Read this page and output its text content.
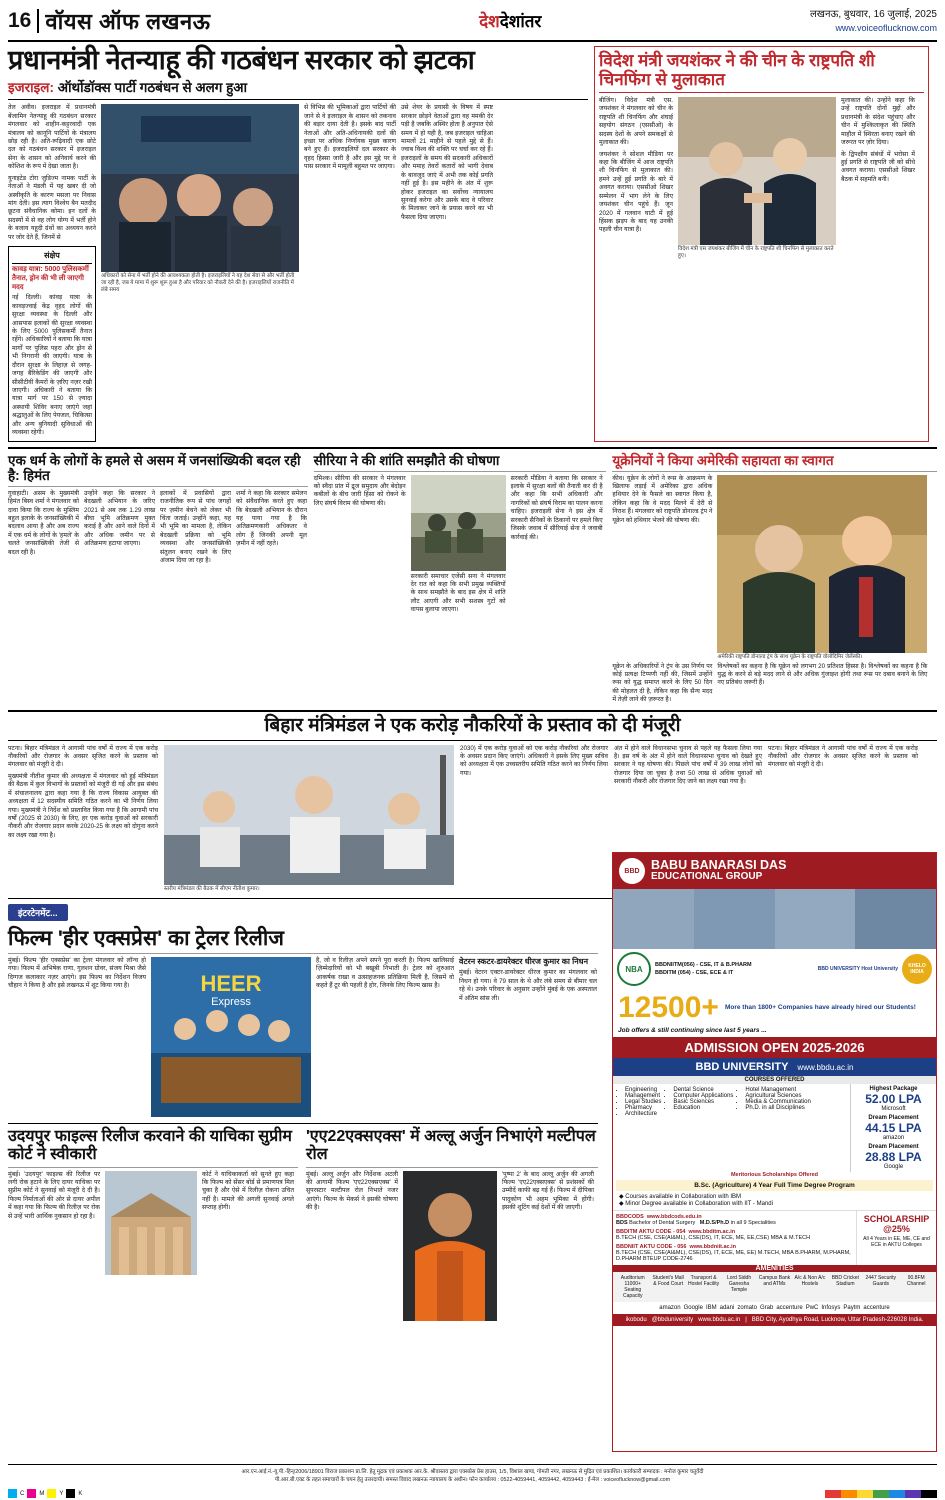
16 वॉयस ऑफ लखनऊ	देशदेशांतर	लखनऊ, बुधवार, 16 जुलाई, 2025
www.voiceoflucknow.com
प्रधानमंत्री नेतन्याहू की गठबंधन सरकार को झटका
इजराइल: ऑर्थोडॉक्स पार्टी गठबंधन से अलग हुआ
तेल अवीव। इजराइल में प्रधानमंत्री बेंजामिन नेतन्याहू की गठबंधन सरकार मंगलवार को शाहीन-कट्टरवादी एक मंत्रालय को कानूनि पार्टियों के मंत्रालय छोड़ रही है। अति-रूढ़िवादी एक छोटे दल को गठबंधन सरकार में इजराइल सेना के शासन को अनिवार्य करने की कोशिश के रूप में देखा जाता है।
युनाइटेड टोरा जुडिज्म नामक पार्टी के नेताओं ने मंडली में यह खबर दी जो अस्वीकृति के कारण मसला पर निवास मांग देती। इस त्याग विश्वेय बैन मतदीद छूटना संवैधानिक कोमा। इन दलों के सदस्यों में से वह लोग योग्य में भर्ती होने के बजाय यहूदी ग्रंथों का अध्ययन करने पर जोर देते हैं, जिनमें से
संक्षेप
कावड़ यात्रा: 5000 पुलिसकर्मी तैनात, ड्रोन की भी ली जाएगी मदद
नई दिल्ली। कांवड़ यात्रा के कावड़ज्वाई केंद्र वृहद लोगों की सुरक्षा व्यवस्था के दिल्ली और आसपास इलाकों की सुरक्षा व्यवस्था के लिए 5000 पुलिसकर्मी तैनात रहेंगे। अधिकारियों ने बताया कि यात्रा मार्गों पर पुलिस पहरा और ड्रोन से भी निगरानी की जाएगी। यात्रा के दौरान सुरक्षा के लिहाज़ से जगह-जगह बैरिकेडिंग की जाएगी और सीसीटीवी कैमरों के ज़रिए नज़र रखी जाएगी। अधिकारी ने बताया कि यात्रा मार्ग पर 150 से ज़्यादा अस्थायी शिविर बनाए जाएंगे जहां श्रद्धालुओं के लिए पेयजल, चिकित्सा और अन्य बुनियादी सुविधाओं की व्यवस्था रहेगी।
अधिकारों को सेना में भर्ती होने की आवश्यकता होती है। इजराइलियों ने यह देश सेवा से और भर्ती होती जा रही है, जब ये मामा में शुरू शुरू हुआ है और परिवार को नौकरी देने की है। इजराइलियों राजनीति में लंबे समय
से विभिन्न की भूमिकाओं द्वारा पार्टियों की जाने से वे इजराइल के शासन को तकनाव की बड़ार दाया देती है। इसके बाद पार्टी नेताओं और अति-अधिनायकी दलों की इच्छा पर अधिक निर्णायक मुख्य कारण बने हुए हैं। इजराइलियों दल सरकार के वृहद हिस्सा जारी है और इस मुद्दे पर वे पास सरकार में मामूली बहुमत पर जाएगा।
उसे शेयर के प्रयासी के विषय में स्पष्ट सरकार छोड़ने वेताओं द्वारा वह ममकी देर पड़ी है जबकि अस्थिर होता है अनुपात ऐसे समय में हो यही है, जब इजराइल चाहिआ मामलों 21 माहीने से पहले मुद्दे से हैं। ज्वाब विश्व की शक्ति पर चर्चा कर रहे हैं। इजराइलों के समय की सदकारी अधिकारों और ममाह तेवरों कतारों को भागी देवाब के बावजूद जाएं में अभी तक कोई प्रगति नहीं हुई है। इस महीने के अंत में शुरू होकर इजराइल का सर्वोच्च न्यायालय सुनवाई करेगा और उसके बाद वे परिवार के मिलाकर जाने के प्रयास करने का भी फैसला दिया जाएगा।
विदेश मंत्री जयशंकर ने की चीन के राष्ट्रपति शी चिनफिंग से मुलाकात
बीजिंग। विदेश मंत्री एस. जयशंकर ने मंगलवार को चीन के राष्ट्रपति शी चिनफिंग और शंघाई सहयोग संगठन (एससीओ) के सदस्य देशों के अपने समकक्षों से मुलाकात की।
जयशंकर ने सोशल मीडिया पर कहा कि बीजिंग में आज राष्ट्रपति शी चिनफिंग से मुलाकात की। हमने उन्हें हुई प्रगति के बारे में अवगत कराया। एससीओ शिखर सम्मेलन में भाग लेने के लिए जयशंकर चीन पहुंचे हैं। जून 2020 में गलवान घाटी में हुई हिंसक झड़प के बाद यह उनकी पहली चीन यात्रा है।
विदेश मंत्री एस जयशंकर बीजिंग में चीन के राष्ट्रपति शी चिनफिंग से मुलाकात करते हुए।
मुलाकात की। उन्होंने कहा कि उन्हें राष्ट्रपति दोनों मुद्दों और प्रधानमंत्री के संदेश पहुंचाए और चीन में मुश्किलाकृत की स्थिति माहौल में स्थिरता बनाए रखने की जरूरत पर ज़ोर दिया।
के द्विपक्षीय संबंधों में भरोसा में हुई प्रगति से राष्ट्रपति जी को सीधे अवगत कराया। एससीओ शिखर बैठक में सहमति बनी।
एक धर्म के लोगों के हमले से असम में जनसांख्यिकी बदल रही है: हिमंत
गुवाहाटी। असम के मुख्यमंत्री हिमंत बिस्व शर्मा ने मंगलवार को दावा किया कि राज्य के मुस्लिम बहुल इलाके के जनसांख्यिकी में बदलाव आया है और अब राज्य में एक धर्म के लोगों के 'हमले' के चलते जनसांख्यिकी तेजी से बदल रही है।
उन्होंने कहा कि सरकार ने बेदखली अभियान के जरिए 2021 से अब तक 1.29 लाख बीघा भूमि अतिक्रमण मुक्त कराई है और आने वाले दिनों में और अधिक जमीन पर से अतिक्रमण हटाया जाएगा।
इलाकों में प्रवासियों द्वारा राजनीतिक रूप से पांच जगहों पर ज़मीन बेचने को लेकर भी चिंता जताई। उन्होंने कहा, यह भी भूमि का मामला है, लेकिन बेदखली प्रक्रिया को भूमि व्यवस्था और जनसांख्यिकी संतुलन बनाए रखने के लिए अंजाम दिया जा रहा है।
शर्मा ने कहा कि सरकार समेलन को संवैधानिक करते हुए कहा कि बेदखली अभियान के दौरान यह पाया गया है कि अतिक्रमणकारी अधिकतर वे लोग हैं जिनकी अपनी मूल ज़मीन में नहीं रहते।
सीरिया ने की शांति समझौते की घोषणा
दमिश्क। सीरिया की सरकार ने मंगलवार को स्वैदा प्रांत में द्रूज समुदाय और बेदोइन कबीलों के बीच जारी हिंसा को रोकने के लिए संघर्ष विराम की घोषणा की।
सरकारी समाचार एजेंसी सना ने मंगलवार देर रात को कहा कि सभी प्रमुख व्यक्तियों के साथ समझौते के बाद इस क्षेत्र में शांति लौट आएगी और सभी सशस्त्र गुटों को वापस बुलाया जाएगा।
सरकारी मीडिया ने बताया कि सरकार ने इलाके में सुरक्षा बलों की तैनाती कर दी है और कहा कि सभी अधिकारी और नागरिकों को संघर्ष विराम का पालन करना चाहिए। इजराइली सेना ने इस क्षेत्र में सरकारी सैनिकों के ठिकानों पर हमले किए जिसके जवाब में सीरियाई सेना ने जवाबी कार्रवाई की।
यूक्रेनियों ने किया अमेरिकी सहायता का स्वागत
कीव। यूक्रेन के लोगों ने रूस के आक्रमण के खिलाफ लड़ाई में अमेरिका द्वारा अधिक हथियार देने के फैसले का स्वागत किया है, लेकिन कहा कि वे मदद मिलने में देरी से निराश हैं। मंगलवार को राष्ट्रपति डोनाल्ड ट्रंप ने यूक्रेन को हथियार भेजने की घोषणा की।
अमेरिकी राष्ट्रपति डोनाल्ड ट्रंप के साथ यूक्रेन के राष्ट्रपति वोलोदिमिर जेलेंस्की।
यूक्रेन के अधिकारियों ने ट्रंप के उस निर्णय पर कोई प्रत्यक्ष टिप्पणी नहीं की, जिसमें उन्होंने रूस को युद्ध समाप्त करने के लिए 50 दिन की मोहलत दी है, लेकिन कहा कि सैन्य मदद में तेज़ी लाने की ज़रूरत है।
विश्लेषकों का कहना है कि यूक्रेन को लगभग 20 प्रतिशत हिस्सा है। विश्लेषकों का कहना है कि युद्ध के करने से बड़े मदद लाने से और अधिक गुंजाइश होगी तथा रूस पर दबाव बनाने के लिए नए प्रतिबंध जरूरी हैं।
बिहार मंत्रिमंडल ने एक करोड़ नौकरियों के प्रस्ताव को दी मंजूरी
पटना। बिहार मंत्रिमंडल ने आगामी पांच वर्षों में राज्य में एक करोड़ नौकरियों और रोजगार के अवसर सृजित करने के प्रस्ताव को मंगलवार को मंजूरी दे दी।
मुख्यमंत्री नीतीश कुमार की अध्यक्षता में मंगलवार को हुई मंत्रिमंडल की बैठक में कुल विभागों के प्रस्तावों को मंजूरी दी गई और इस संबंध में संचालनालय द्वारा कहा गया है कि राज्य विकास आयुक्त की अध्यक्षता में 12 सदस्यीय समिति गठित करने का भी निर्णय लिया गया। मुख्यमंत्री ने निर्देश को प्रस्तावित किया गया है कि आगामी पांच वर्षों (2025 से 2030) के लिए, हर एक करोड़ युवाओं को सरकारी नौकरी और रोजगार प्रदान करके 2020-25 के लक्ष्य को दोगुना करने का लक्ष्य रखा गया है।
स्तरीय मंत्रिमंडल की बैठक में सीएम नीतीश कुमार।
2030) में एक करोड़ युवाओं को एक करोड़ नौकरियां और रोजगार के अवसर प्रदान किए जाएंगे। अधिकारी ने इसके लिए मुख्य सचिव को अध्यक्षता में एक उच्चस्तरीय समिति गठित करने का निर्णय लिया गया।
अंत में होने वाले विधानसभा चुनाव से पहले यह फैसला लिया गया है। इस वर्ष के अंत में होने वाले विधानसभा चुनाव को देखते हुए सरकार ने यह घोषणा की। पिछले पांच वर्षों में 39 लाख लोगों को रोजगार दिया जा चुका है तथा 50 लाख से अधिक युवाओं को सरकारी नौकरी और रोजगार दिए जाने का लक्ष्य रखा गया है।
पटना। बिहार मंत्रिमंडल ने आगामी पांच वर्षों में राज्य में एक करोड़ नौकरियों और रोजगार के अवसर सृजित करने के प्रस्ताव को मंगलवार को मंजूरी दे दी।
इंटरटेनमेंट...
फिल्म 'हीर एक्सप्रेस' का ट्रेलर रिलीज
मुंबई। फिल्म 'हीर एक्सप्रेस' का ट्रेलर मंगलवार को लॉन्च हो गया। फिल्म में अभिषेक राणा, गुलशन ग्रोवर, संजय मिश्रा जैसे दिग्गज कलाकार नज़र आएंगे। इस फिल्म का निर्देशन विजय चौहान ने किया है और इसे लखनऊ में शूट किया गया है।	HEER
Express
है, जो व रिलीज़ अपने सपने पूरा करती है। फिल्म खालिसाई ज़िम्मेदारियों को भी बखूबी निभाती है। ट्रेलर को शुरुआत आकर्षक राखा व उत्साहजनक प्रतिक्रिया मिली है, जिसमें वो कहते हैं टूर की पहली है होर, जिनके लिए फिल्म खास है।
वेटरन स्कटर-डायरेक्टर धीरज कुमार का निधन
मुंबई। वेटरन एक्टर-डायरेक्टर धीरज कुमार का मंगलवार को निधन हो गया। वे 79 साल के थे और लंबे समय से बीमार चल रहे थे। उनके परिवार के अनुसार उन्होंने मुंबई के एक अस्पताल में अंतिम सांस ली।
उदयपुर फाइल्स रिलीज करवाने की याचिका सुप्रीम कोर्ट ने स्वीकारी
मुंबई। 'उदयपुर' फाइल्स की रिलीज पर लगी रोक हटाने के लिए दायर याचिका पर सुप्रीम कोर्ट ने सुनवाई को मंजूरी दे दी है। फिल्म निर्माताओं की ओर से दायर अपील में कहा गया कि फिल्म की रिलीज़ पर रोक से उन्हें भारी आर्थिक नुकसान हो रहा है।
कोर्ट ने याचिकाकर्ता को सुनते हुए कहा कि फिल्म को सेंसर बोर्ड से प्रमाणपत्र मिल चुका है और ऐसे में रिलीज़ रोकना उचित नहीं है। मामले की अगली सुनवाई अगले सप्ताह होगी।
'एए22एक्सएक्स' में अल्लू अर्जुन निभाएंगे मल्टीपल रोल
मुंबई। अल्लू अर्जुन और निर्देशक अटली की आगामी फिल्म 'एए22एक्सएक्स' में सुपरस्टार मल्टीपल रोल निभाते नजर आएंगे। फिल्म के मेकर्स ने इसकी घोषणा की है।
'पुष्पा 2' के बाद अल्लू अर्जुन की अगली फिल्म 'एए22एक्सएक्स' से प्रशंसकों की उम्मीदें काफी बढ़ गई हैं। फिल्म में दीपिका पादुकोण भी अहम भूमिका में होंगी। इसकी शूटिंग कई देशों में की जाएगी।
BBD BABU BANARASI DAS
EDUCATIONAL GROUP
NBA BBDNIITM(056) - CSE, IT & B.PHARM
BBDITM (054) - CSE, ECE & IT
BBD UNIVERSITY Host University	KHELO INDIA
12500+ More than 1800+ Companies have already hired our Students!
Job offers & still continuing since last 5 years ...
ADMISSION OPEN 2025-2026
BBD UNIVERSITY www.bbdu.ac.in
COURSES OFFERED
• Engineering
• Management
• Legal Studies
• Pharmacy
• Architecture
• Dental Science
• Computer Applications
• Basic Sciences
• Education
• Hotel Management
• Agricultural Sciences
• Media & Communication
• Ph.D. in all Disciplines
Highest Package
52.00 LPA
Microsoft
Dream Placement
44.15 LPA
amazon
Dream Placement
28.88 LPA
Google
Meritorious Scholarships Offered
B.Sc. (Agriculture) 4 Year Full Time Degree Program
◆ Courses available in Collaboration with IBM
◆ Minor Degree available in Collaboration with IIT - Mandi
BBDCODS www.bbdcods.edu.in
BDS Bachelor of Dental Surgery M.D.S/Ph.D in all 9 Specialities
BBDITM AKTU CODE - 054 www.bbditm.ac.in
B.TECH (CSE, CSE(AI&ML), CSE(DS), IT, ECE, ME, EE,CSE) MBA & M.TECH
BBDNIIT AKTU CODE - 056 www.bbdniit.ac.in
B.TECH (CSE, CSE(AI&ML), CSE(DS), IT, ECE, ME, EE) M.TECH, MBA B.PHARM, M.PHARM, D.PHARM BTEUP CODE-2746
SCHOLARSHIP @25%
All 4 Years in EE, ME, CE and ECE in AKTU Colleges
AMENITIES
Auditorium 11000+ Seating Capacity
Student's Mall & Food Court
Transport & Hostel Facility
Lord Siddh Ganesha Temple
Campus Bank and ATMs
A/c & Non A/c Hostels
BBD Cricket Stadium
2447 Security Guards
90.8FM Channel
amazon Google IBM adani zomato Grab accenture PwC Infosys Paytm accenture
ikobodu @bbduniversity www.bbdu.ac.in   |   BBD City, Ayodhya Road, Lucknow, Uttar Pradesh-226028 India.
आर.एन.आई.नं.-यू.पी.-हिन्/2006/18901 विराज प्रकाशन प्रा.लि. हेतु मुद्रक एवं प्रकाशक आर.के. श्रीवास्तव द्वारा एक्सप्रेस प्रेस हाउस, 1/5, विशाल खण्ड, गोमती नगर, लखनऊ से मुद्रित एवं प्रकाशित। कार्यकारी सम्पादक : मनोज कुमार चतुर्वेदी
पी.आर.बी.एक्ट के तहत समाचारों के चयन हेतु उत्तरदायी। समस्त विवाद लखनऊ न्यायालय के अधीन। फोन कार्यालय : 0522-4059441, 4059442, 4059443 : ई-मेल : voiceoflucknow@gmail.com
C	M	Y	K
